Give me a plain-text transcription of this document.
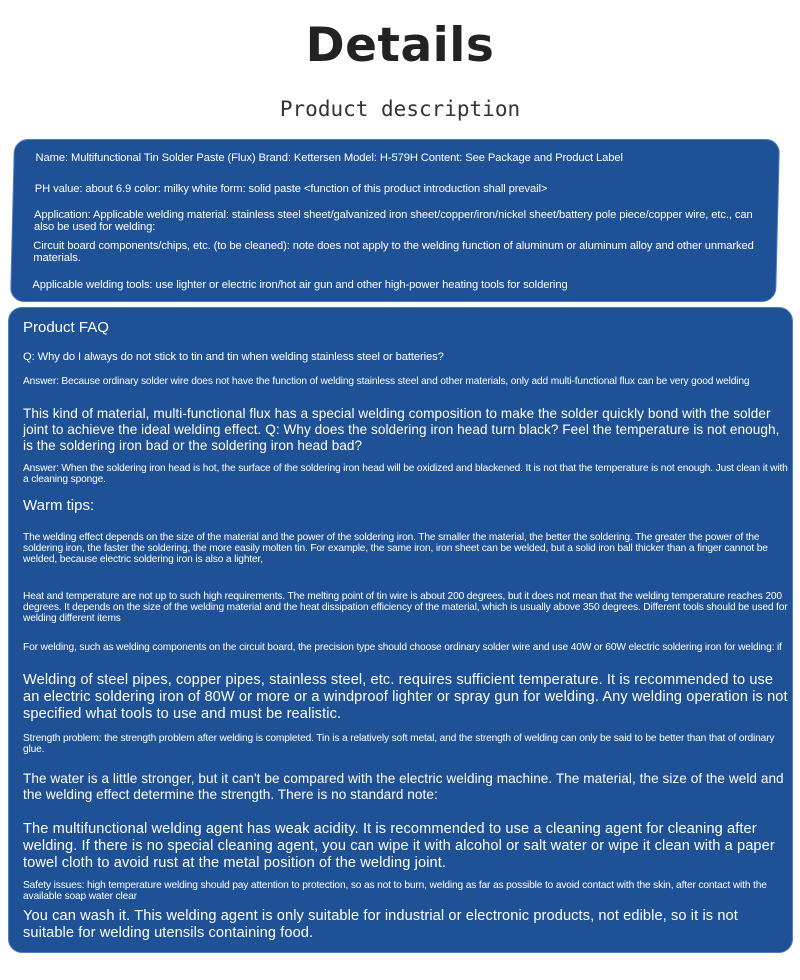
Details
Product description

Name: Multifunctional Tin Solder Paste (Flux) Brand: Kettersen Model: H-579H Content: See Package and Product Label

PH value: about 6.9 color: milky white form: solid paste <function of this product introduction shall prevail>

Application: Applicable welding material: stainless steel sheet/galvanized iron sheet/copper/iron/nickel sheet/battery pole piece/copper wire, etc., can also be used for welding:

Circuit board components/chips, etc. (to be cleaned): note does not apply to the welding function of aluminum or aluminum alloy and other unmarked materials.

Applicable welding tools: use lighter or electric iron/hot air gun and other high-power heating tools for soldering

Product FAQ

Q: Why do I always do not stick to tin and tin when welding stainless steel or batteries?

Answer: Because ordinary solder wire does not have the function of welding stainless steel and other materials, only add multi-functional flux can be very good welding

This kind of material, multi-functional flux has a special welding composition to make the solder quickly bond with the solder joint to achieve the ideal welding effect. Q: Why does the soldering iron head turn black? Feel the temperature is not enough, is the soldering iron bad or the soldering iron head bad?

Answer: When the soldering iron head is hot, the surface of the soldering iron head will be oxidized and blackened. It is not that the temperature is not enough. Just clean it with a cleaning sponge.

Warm tips:

The welding effect depends on the size of the material and the power of the soldering iron. The smaller the material, the better the soldering. The greater the power of the soldering iron, the faster the soldering, the more easily molten tin. For example, the same iron, iron sheet can be welded, but a solid iron ball thicker than a finger cannot be welded, because electric soldering iron is also a lighter,

Heat and temperature are not up to such high requirements. The melting point of tin wire is about 200 degrees, but it does not mean that the welding temperature reaches 200 degrees. It depends on the size of the welding material and the heat dissipation efficiency of the material, which is usually above 350 degrees. Different tools should be used for welding different items

For welding, such as welding components on the circuit board, the precision type should choose ordinary solder wire and use 40W or 60W electric soldering iron for welding: if

Welding of steel pipes, copper pipes, stainless steel, etc. requires sufficient temperature. It is recommended to use an electric soldering iron of 80W or more or a windproof lighter or spray gun for welding. Any welding operation is not specified what tools to use and must be realistic.

Strength problem: the strength problem after welding is completed. Tin is a relatively soft metal, and the strength of welding can only be said to be better than that of ordinary glue.

The water is a little stronger, but it can't be compared with the electric welding machine. The material, the size of the weld and the welding effect determine the strength. There is no standard note:

The multifunctional welding agent has weak acidity. It is recommended to use a cleaning agent for cleaning after welding. If there is no special cleaning agent, you can wipe it with alcohol or salt water or wipe it clean with a paper towel cloth to avoid rust at the metal position of the welding joint.

Safety issues: high temperature welding should pay attention to protection, so as not to burn, welding as far as possible to avoid contact with the skin, after contact with the available soap water clear

You can wash it. This welding agent is only suitable for industrial or electronic products, not edible, so it is not suitable for welding utensils containing food.
